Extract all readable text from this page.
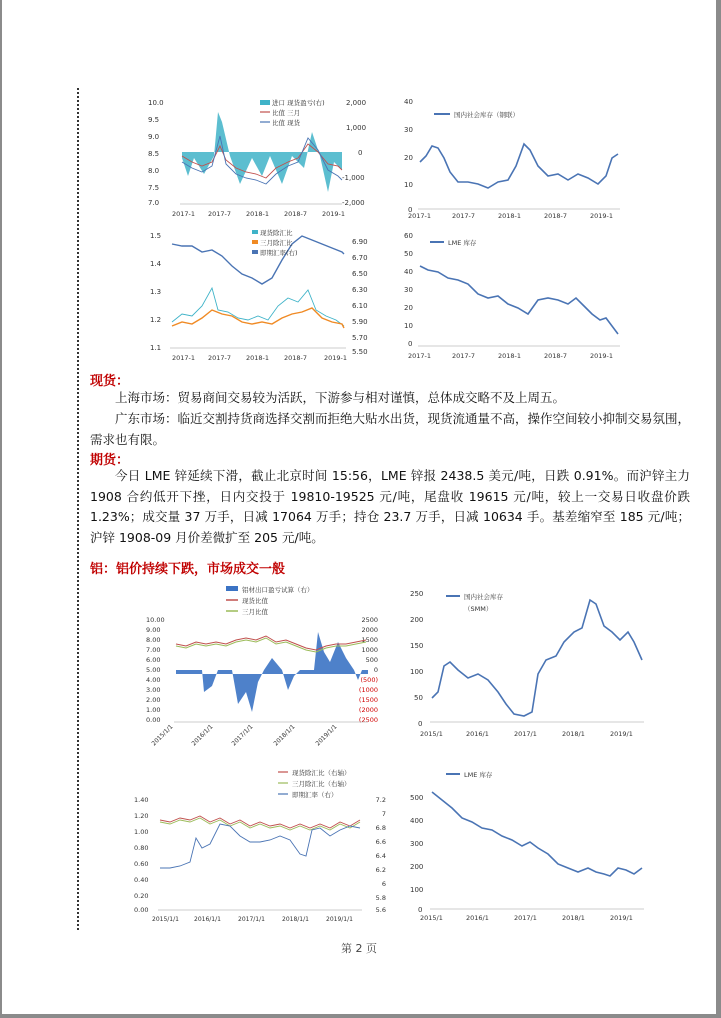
10.0
9.5
9.0
8.5
8.0
7.5
7.0
2,000
1,000
0
-1,000
-2,000
进口 现货盈亏(右)
比值 三月
比值 现货
2017-1 2017-7 2018-1 2018-7 2019-1
40
30
20
10
0
国内社会库存（钢联）
2017-1	2017-7	2018-1	2018-7	2019-1
1.5
1.4
1.3
1.2
1.1
6.90
6.70
6.50
6.30
6.10
5.90
5.70
5.50
现货除汇比
三月除汇比
即期汇率(右)
2017-1 2017-7 2018-1 2018-7	2019-1
60
50
40
30
20
10
0
LME 库存
2017-1	2017-7	2018-1	2018-7	2019-1
现货：
上海市场：贸易商间交易较为活跃，下游参与相对谨慎，总体成交略不及上周五。
广东市场：临近交割持货商选择交割而拒绝大贴水出货，现货流通量不高，操作空间较小抑制交易氛围，需求也有限。
期货：
今日 LME 锌延续下滑，截止北京时间 15:56，LME 锌报 2438.5 美元/吨，日跌 0.91%。而沪锌主力 1908 合约低开下挫，日内交投于 19810-19525 元/吨，尾盘收 19615 元/吨，较上一交易日收盘价跌 1.23%；成交量 37 万手，日减 17064 万手；持仓 23.7 万手，日减 10634 手。基差缩窄至 185 元/吨；沪锌 1908-09 月价差微扩至 205 元/吨。
铝：铝价持续下跌，市场成交一般
铝材出口盈亏试算（右）
现货比值
三月比值
10.00
9.00
8.00
7.00
6.00
5.00
4.00
3.00
2.00
1.00
0.00
2500
2000
1500
1000
500
0
(500)
(1000
(1500
(2000
(2500
2015/1/1	2016/1/1	2017/1/1	2018/1/1	2019/1/1
250
200
150
100
50
0
国内社会库存
（SMM）
2015/1	2016/1	2017/1	2018/1	2019/1
现货除汇比（右轴）
三月除汇比（右轴）
即期汇率（右）
1.40
1.20
1.00
0.80
0.60
0.40
0.20
0.00
7.2
7
6.8
6.6
6.4
6.2
6
5.8
5.6
2015/1/1	2016/1/1	2017/1/1	2018/1/1	2019/1/1
500
400
300
200
100
0
LME 库存
2015/1	2016/1	2017/1	2018/1	2019/1
第 2 页
